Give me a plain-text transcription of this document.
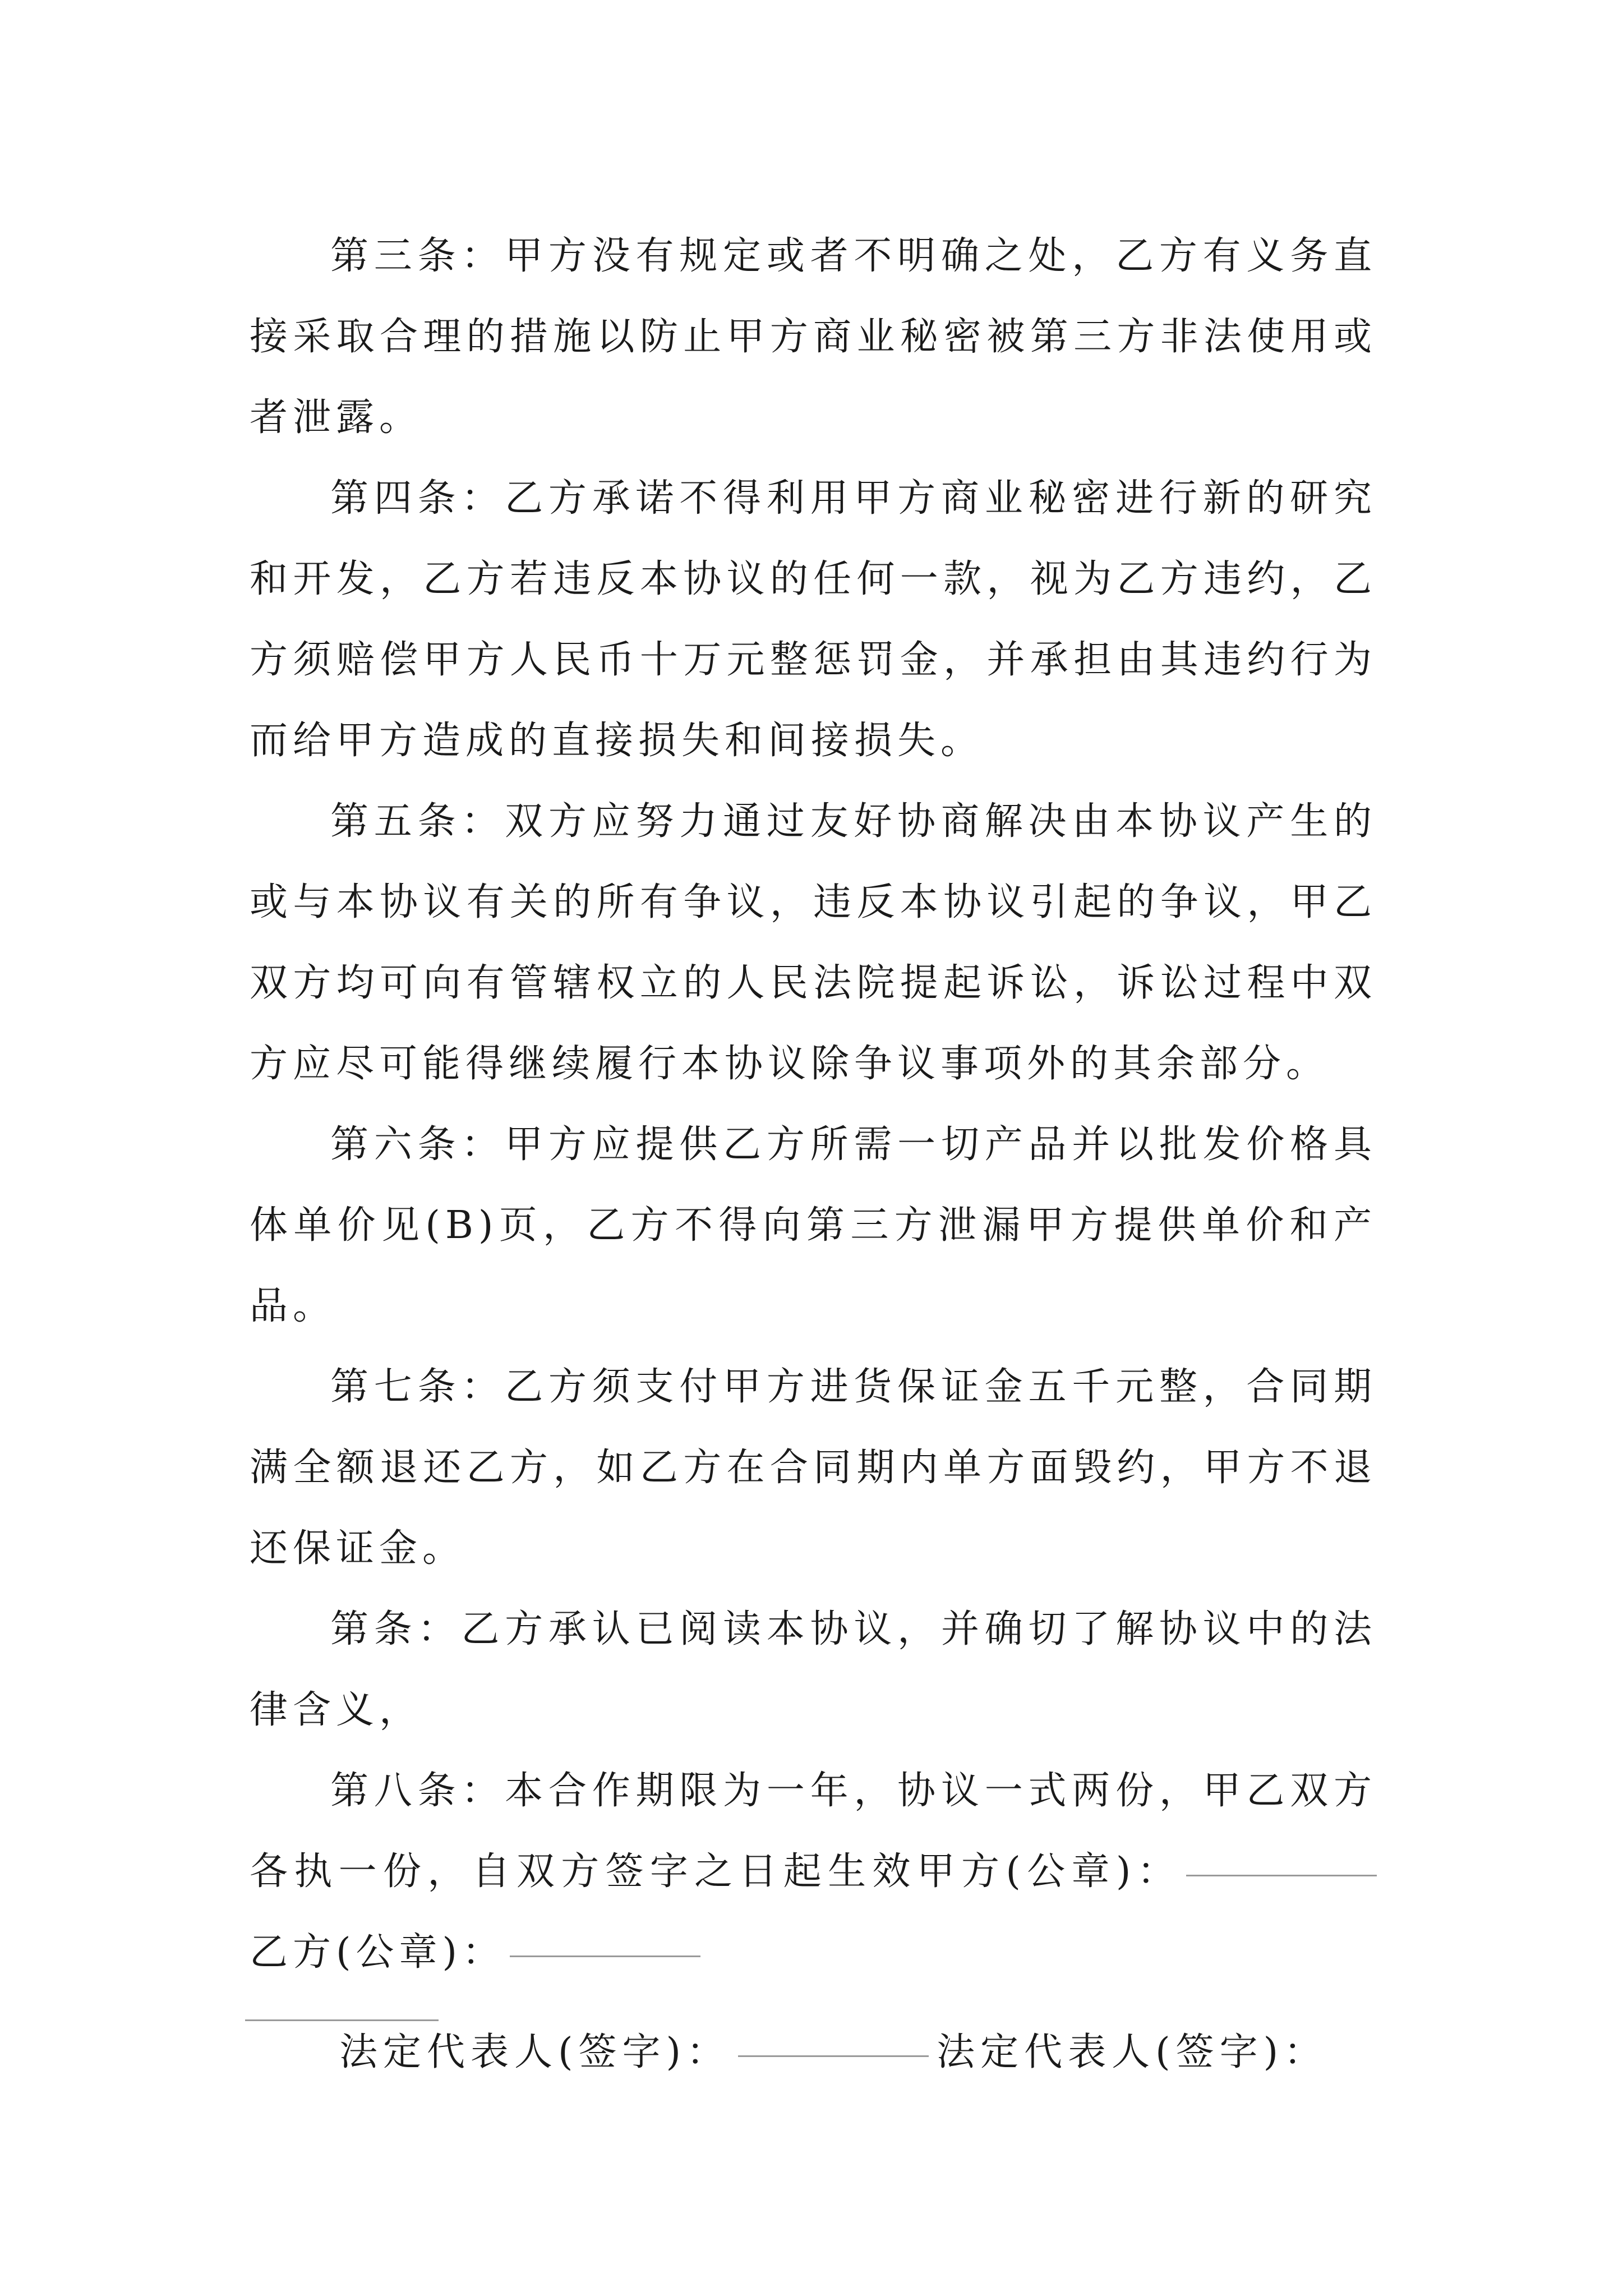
第三条：甲方没有规定或者不明确之处，乙方有义务直接采取合理的措施以防止甲方商业秘密被第三方非法使用或者泄露。

第四条：乙方承诺不得利用甲方商业秘密进行新的研究和开发，乙方若违反本协议的任何一款，视为乙方违约，乙方须赔偿甲方人民币十万元整惩罚金，并承担由其违约行为而给甲方造成的直接损失和间接损失。

第五条：双方应努力通过友好协商解决由本协议产生的或与本协议有关的所有争议，违反本协议引起的争议，甲乙双方均可向有管辖权立的人民法院提起诉讼，诉讼过程中双方应尽可能得继续履行本协议除争议事项外的其余部分。

第六条：甲方应提供乙方所需一切产品并以批发价格具体单价见(B)页，乙方不得向第三方泄漏甲方提供单价和产品。

第七条：乙方须支付甲方进货保证金五千元整，合同期满全额退还乙方，如乙方在合同期内单方面毁约，甲方不退还保证金。

第条：乙方承认已阅读本协议，并确切了解协议中的法律含义，

第八条：本合作期限为一年，协议一式两份，甲乙双方各执一份，自双方签字之日起生效甲方(公章)：乙方(公章)：

法定代表人(签字)：	法定代表人(签字)：
